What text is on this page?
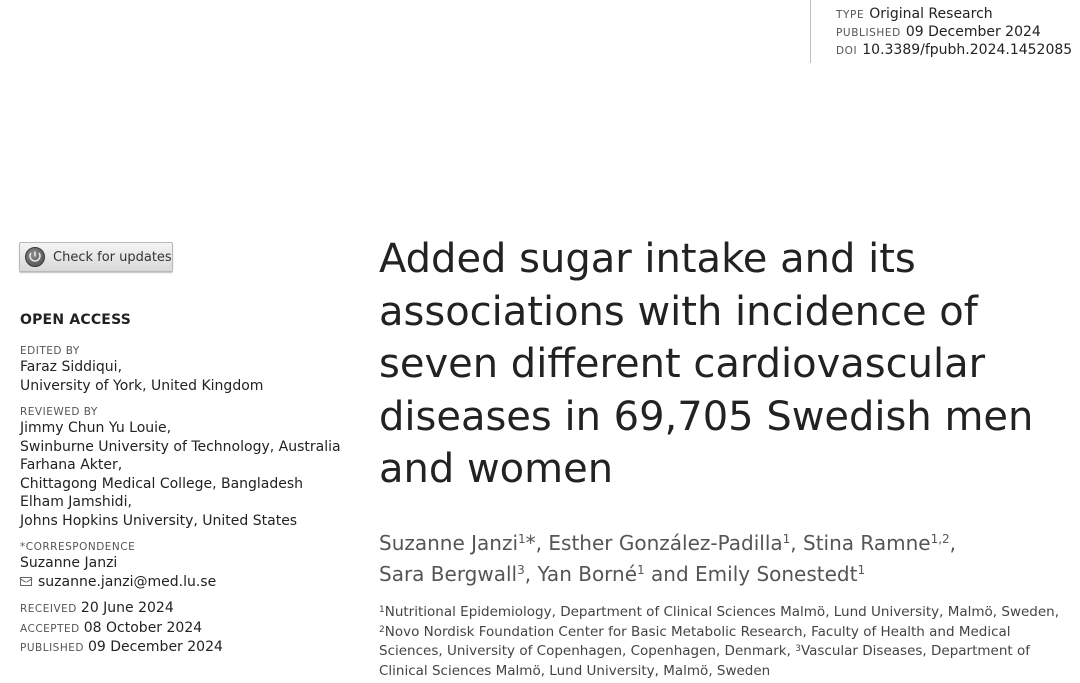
TYPE Original Research
PUBLISHED 09 December 2024
DOI 10.3389/fpubh.2024.1452085
Check for updates
OPEN ACCESS
EDITED BY
Faraz Siddiqui,
University of York, United Kingdom
REVIEWED BY
Jimmy Chun Yu Louie,
Swinburne University of Technology, Australia
Farhana Akter,
Chittagong Medical College, Bangladesh
Elham Jamshidi,
Johns Hopkins University, United States
*CORRESPONDENCE
Suzanne Janzi
suzanne.janzi@med.lu.se
RECEIVED 20 June 2024
ACCEPTED 08 October 2024
PUBLISHED 09 December 2024
Added sugar intake and its associations with incidence of seven different cardiovascular diseases in 69,705 Swedish men and women
Suzanne Janzi$^1$*, Esther González-Padilla$^1$, Stina Ramne$^{1,2}$,
Sara Bergwall$^3$, Yan Borné$^1$ and Emily Sonestedt$^1$
$^1$Nutritional Epidemiology, Department of Clinical Sciences Malmö, Lund University, Malmö, Sweden, $^2$Novo Nordisk Foundation Center for Basic Metabolic Research, Faculty of Health and Medical Sciences, University of Copenhagen, Copenhagen, Denmark, $^3$Vascular Diseases, Department of Clinical Sciences Malmö, Lund University, Malmö, Sweden
